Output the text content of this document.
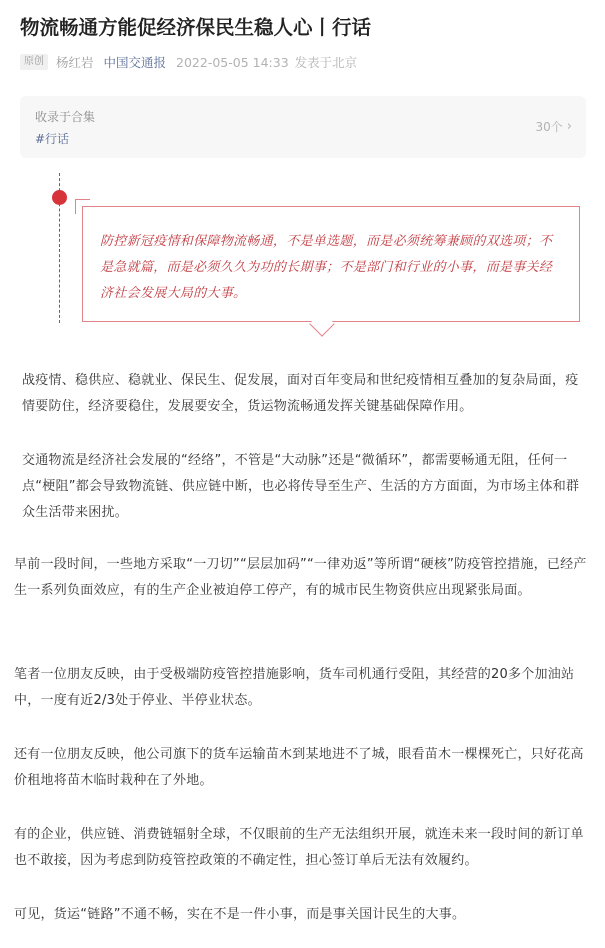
物流畅通方能促经济保民生稳人心丨行话
原创 杨红岩 中国交通报 2022-05-05 14:33 发表于北京
收录于合集
#行话
30个 ›

防控新冠疫情和保障物流畅通，不是单选题，而是必须统筹兼顾的双选项；不是急就篇，而是必须久久为功的长期事；不是部门和行业的小事，而是事关经济社会发展大局的大事。

战疫情、稳供应、稳就业、保民生、促发展，面对百年变局和世纪疫情相互叠加的复杂局面，疫情要防住，经济要稳住，发展要安全，货运物流畅通发挥关键基础保障作用。

交通物流是经济社会发展的“经络”，不管是“大动脉”还是“微循环”，都需要畅通无阻，任何一点“梗阻”都会导致物流链、供应链中断，也必将传导至生产、生活的方方面面，为市场主体和群众生活带来困扰。

早前一段时间，一些地方采取“一刀切”“层层加码”“一律劝返”等所谓“硬核”防疫管控措施，已经产生一系列负面效应，有的生产企业被迫停工停产，有的城市民生物资供应出现紧张局面。

笔者一位朋友反映，由于受极端防疫管控措施影响，货车司机通行受阻，其经营的20多个加油站中，一度有近2/3处于停业、半停业状态。

还有一位朋友反映，他公司旗下的货车运输苗木到某地进不了城，眼看苗木一棵棵死亡，只好花高价租地将苗木临时栽种在了外地。

有的企业，供应链、消费链辐射全球，不仅眼前的生产无法组织开展，就连未来一段时间的新订单也不敢接，因为考虑到防疫管控政策的不确定性，担心签订单后无法有效履约。

可见，货运“链路”不通不畅，实在不是一件小事，而是事关国计民生的大事。
